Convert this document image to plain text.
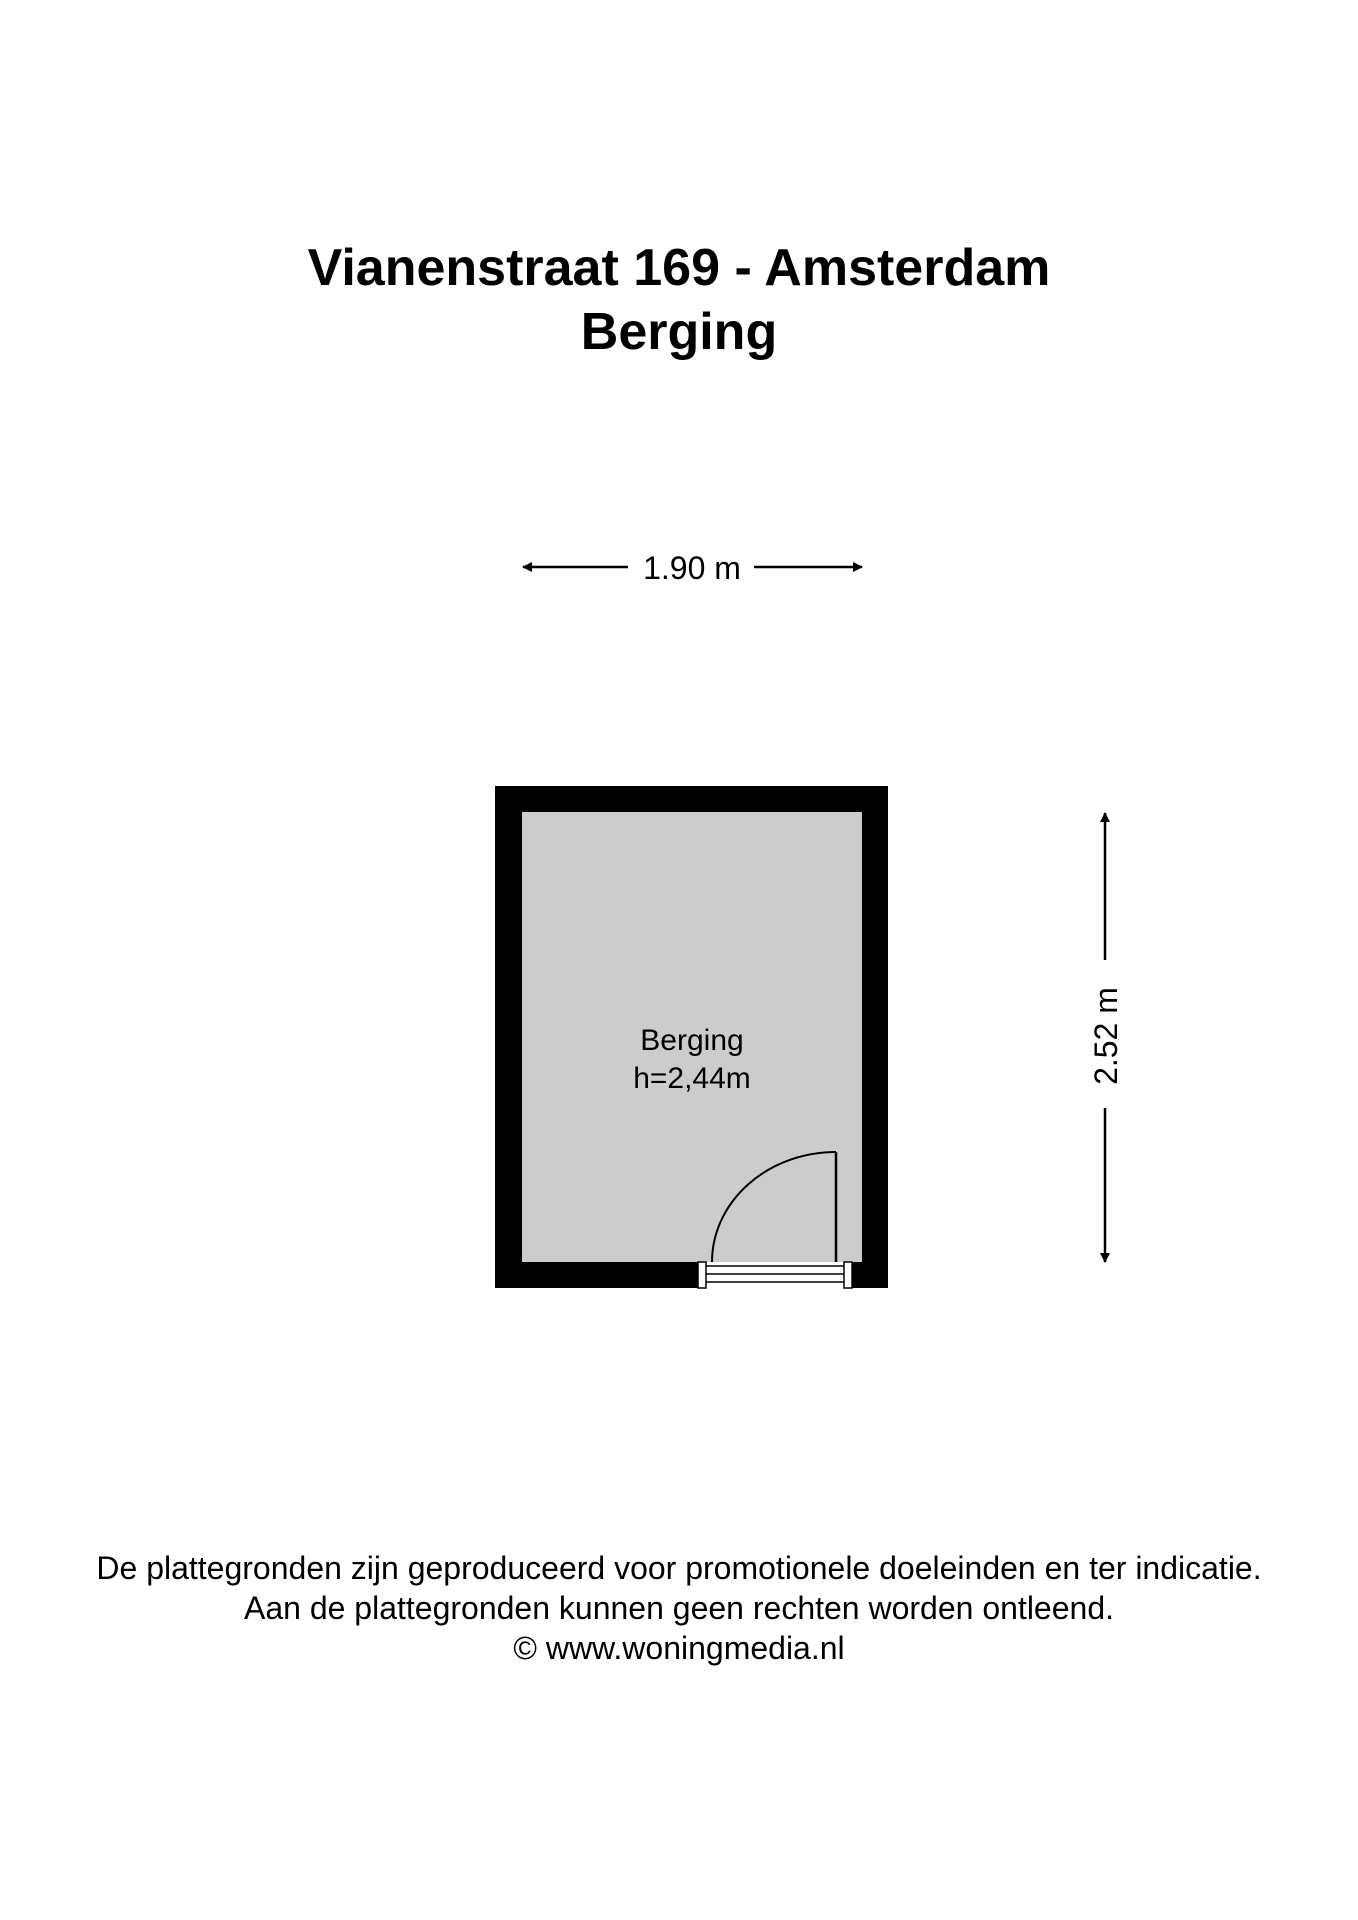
Vianenstraat 169 - Amsterdam
Berging
1.90 m
Berging
h=2,44m	2.52 m

De plattegronden zijn geproduceerd voor promotionele doeleinden en ter indicatie.

Aan de plattegronden kunnen geen rechten worden ontleend.

© www.woningmedia.nl
